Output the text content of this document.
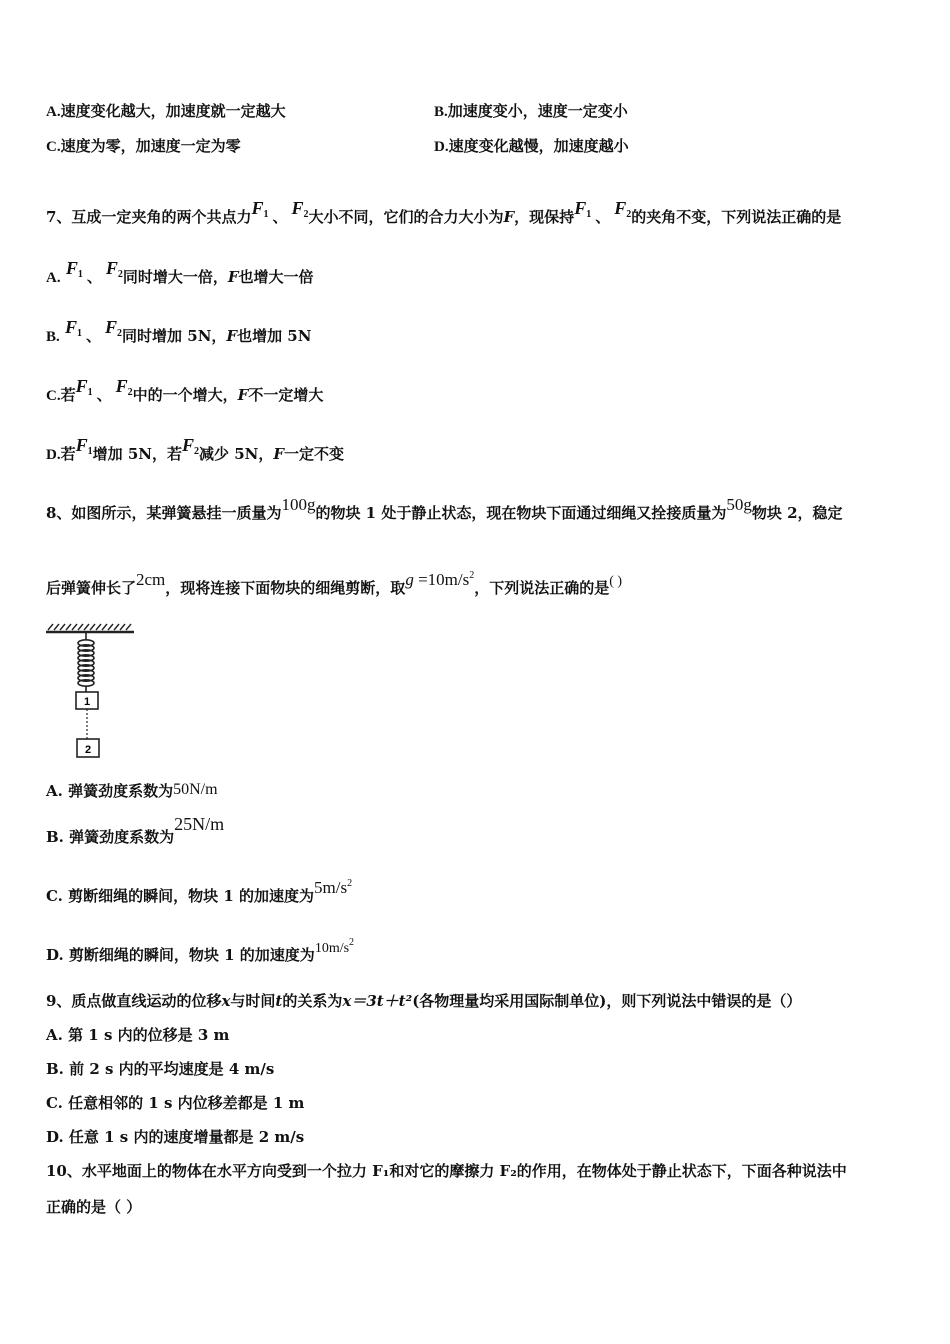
A.速度变化越大，加速度就一定越大	B.加速度变小，速度一定变小
C.速度为零，加速度一定为零	D.速度变化越慢，加速度越小
7、互成一定夹角的两个共点力$F_1$ 、 $F_2$大小不同，它们的合力大小为F，现保持$F_1$ 、 $F_2$的夹角不变，下列说法正确的是
A. $F_1$ 、 $F_2$同时增大一倍，F也增大一倍
B. $F_1$ 、 $F_2$同时增加 5N，F也增加 5N
C.若$F_1$ 、 $F_2$中的一个增大，F不一定增大
D.若$F_1$增加 5N，若$F_2$减少 5N，F一定不变
8、如图所示，某弹簧悬挂一质量为100g的物块 1 处于静止状态，现在物块下面通过细绳又拴接质量为50g物块 2，稳定
后弹簧伸长了2cm，现将连接下面物块的细绳剪断，取$g =10m/s^2$，下列说法正确的是( )
1
2
A. 弹簧劲度系数为50N/m
B. 弹簧劲度系数为25N/m
C. 剪断细绳的瞬间，物块 1 的加速度为$5m/s^2$
D. 剪断细绳的瞬间，物块 1 的加速度为$10m/s^2$
9、质点做直线运动的位移x与时间t的关系为x＝3t＋t²(各物理量均采用国际制单位)，则下列说法中错误的是（）
A. 第 1 s 内的位移是 3 m
B. 前 2 s 内的平均速度是 4 m/s
C. 任意相邻的 1 s 内位移差都是 1 m
D. 任意 1 s 内的速度增量都是 2 m/s
10、水平地面上的物体在水平方向受到一个拉力 F₁和对它的摩擦力 F₂的作用，在物体处于静止状态下，下面各种说法中
正确的是（ ）
